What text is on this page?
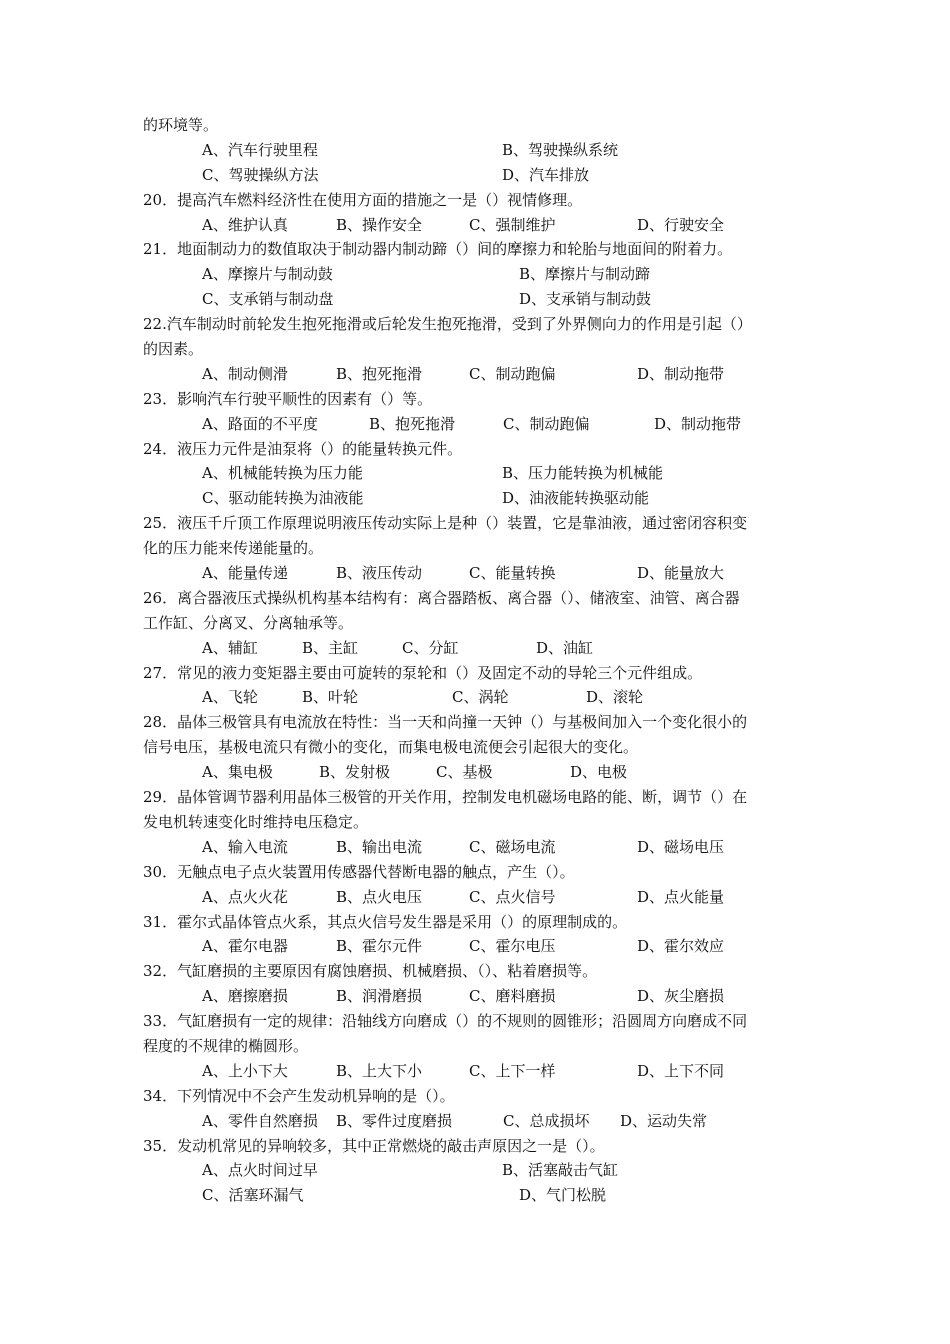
的环境等。
A、汽车行驶里程	B、驾驶操纵系统
C、驾驶操纵方法	D、汽车排放
20．提高汽车燃料经济性在使用方面的措施之一是（）视情修理。
A、维护认真	B、操作安全	C、强制维护	D、行驶安全
21．地面制动力的数值取决于制动器内制动蹄（）间的摩擦力和轮胎与地面间的附着力。
A、摩擦片与制动鼓	B、摩擦片与制动蹄
C、支承销与制动盘	D、支承销与制动鼓
22.汽车制动时前轮发生抱死拖滑或后轮发生抱死拖滑，受到了外界侧向力的作用是引起（）
的因素。
A、制动侧滑	B、抱死拖滑	C、制动跑偏	D、制动拖带
23．影响汽车行驶平顺性的因素有（）等。
A、路面的不平度	B、抱死拖滑	C、制动跑偏	D、制动拖带
24．液压力元件是油泵将（）的能量转换元件。
A、机械能转换为压力能	B、压力能转换为机械能
C、驱动能转换为油液能	D、油液能转换驱动能
25．液压千斤顶工作原理说明液压传动实际上是种（）装置，它是靠油液，通过密闭容积变
化的压力能来传递能量的。
A、能量传递	B、液压传动	C、能量转换	D、能量放大
26．离合器液压式操纵机构基本结构有：离合器踏板、离合器（）、储液室、油管、离合器
工作缸、分离叉、分离轴承等。
A、辅缸	B、主缸	C、分缸	D、油缸
27．常见的液力变矩器主要由可旋转的泵轮和（）及固定不动的导轮三个元件组成。
A、飞轮	B、叶轮	C、涡轮	D、滚轮
28．晶体三极管具有电流放在特性：当一天和尚撞一天钟（）与基极间加入一个变化很小的
信号电压，基极电流只有微小的变化，而集电极电流便会引起很大的变化。
A、集电极	B、发射极	C、基极	D、电极
29．晶体管调节器利用晶体三极管的开关作用，控制发电机磁场电路的能、断，调节（）在
发电机转速变化时维持电压稳定。
A、输入电流	B、输出电流	C、磁场电流	D、磁场电压
30．无触点电子点火装置用传感器代替断电器的触点，产生（）。
A、点火火花	B、点火电压	C、点火信号	D、点火能量
31．霍尔式晶体管点火系，其点火信号发生器是采用（）的原理制成的。
A、霍尔电器	B、霍尔元件	C、霍尔电压	D、霍尔效应
32．气缸磨损的主要原因有腐蚀磨损、机械磨损、（）、粘着磨损等。
A、磨擦磨损	B、润滑磨损	C、磨料磨损	D、灰尘磨损
33．气缸磨损有一定的规律：沿轴线方向磨成（）的不规则的圆锥形；沿圆周方向磨成不同
程度的不规律的椭圆形。
A、上小下大	B、上大下小	C、上下一样	D、上下不同
34．下列情况中不会产生发动机异响的是（）。
A、零件自然磨损 B、零件过度磨损	C、总成损坏 D、运动失常
35．发动机常见的异响较多，其中正常燃烧的敲击声原因之一是（）。
A、点火时间过早	B、活塞敲击气缸
C、活塞环漏气	D、气门松脱
